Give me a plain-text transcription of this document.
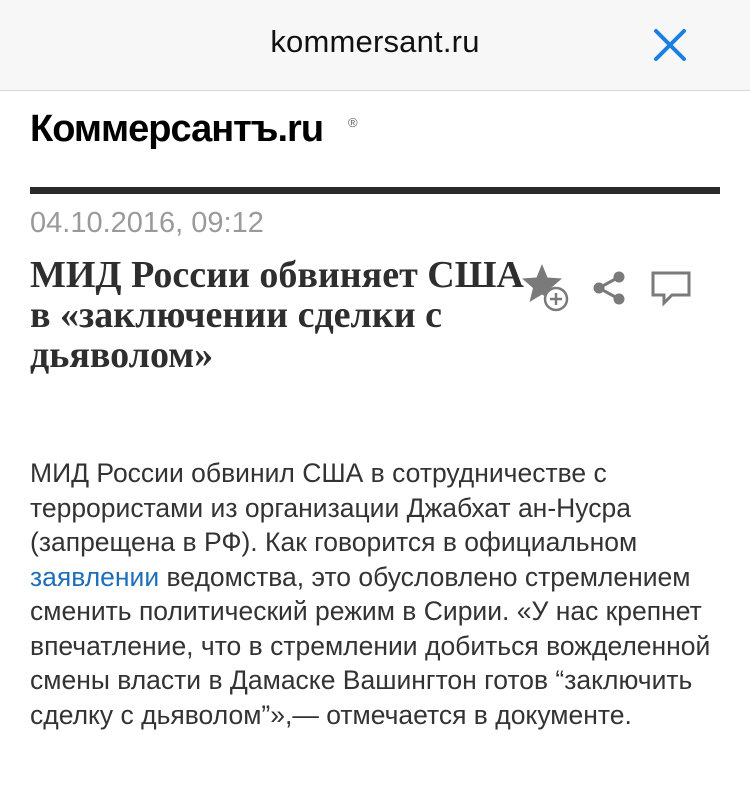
kommersant.ru
Коммерсантъ.ru ®
04.10.2016, 09:12
МИД России обвиняет США в «заключении сделки с дьяволом»

МИД России обвинил США в сотрудничестве с террористами из организации Джабхат ан-Нусра (запрещена в РФ). Как говорится в официальном заявлении ведомства, это обусловлено стремлением сменить политический режим в Сирии. «У нас крепнет впечатление, что в стремлении добиться вожделенной смены власти в Дамаске Вашингтон готов “заключить сделку с дьяволом”»,— отмечается в документе.
